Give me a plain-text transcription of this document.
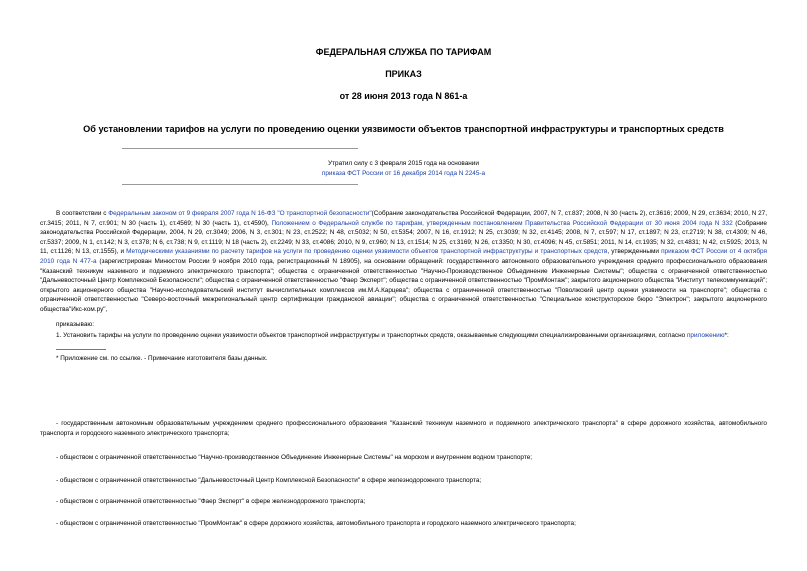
ФЕДЕРАЛЬНАЯ СЛУЖБА ПО ТАРИФАМ
ПРИКАЗ
от 28 июня 2013 года N 861-а
Об установлении тарифов на услуги по проведению оценки уязвимости объектов транспортной инфраструктуры и транспортных средств
Утратил силу с 3 февраля 2015 года на основании
приказа ФСТ России от 16 декабря 2014 года N 2245-а
В соответствии с Федеральным законом от 9 февраля 2007 года N 16-ФЗ "О транспортной безопасности"(Собрание законодательства Российской Федерации, 2007, N 7, ст.837; 2008, N 30 (часть 2), ст.3616; 2009, N 29, ст.3634; 2010, N 27, ст.3415; 2011, N 7, ст.901; N 30 (часть 1), ст.4569; N 30 (часть 1), ст.4590), Положением о Федеральной службе по тарифам, утвержденным постановлением Правительства Российской Федерации от 30 июня 2004 года N 332 (Собрание законодательства Российской Федерации, 2004, N 29, ст.3049; 2006, N 3, ст.301; N 23, ст.2522; N 48, ст.5032; N 50, ст.5354; 2007, N 16, ст.1912; N 25, ст.3039; N 32, ст.4145; 2008, N 7, ст.597; N 17, ст.1897; N 23, ст.2719; N 38, ст.4309; N 46, ст.5337; 2009, N 1, ст.142; N 3, ст.378; N 6, ст.738; N 9, ст.1119; N 18 (часть 2), ст.2249; N 33, ст.4086; 2010, N 9, ст.960; N 13, ст.1514; N 25, ст.3169; N 26, ст.3350; N 30, ст.4096; N 45, ст.5851; 2011, N 14, ст.1935; N 32, ст.4831; N 42, ст.5925; 2013, N 11, ст.1126; N 13, ст.1555), и Методическими указаниями по расчету тарифов на услуги по проведению оценки уязвимости объектов транспортной инфраструктуры и транспортных средств, утвержденными приказом ФСТ России от 4 октября 2010 года N 477-а (зарегистрирован Минюстом России 9 ноября 2010 года, регистрационный N 18905), на основании обращений: государственного автономного образовательного учреждения среднего профессионального образования "Казанский техникум наземного и подземного электрического транспорта"; общества с ограниченной ответственностью "Научно-Производственное Объединение Инженерные Системы"; общества с ограниченной ответственностью "Дальневосточный Центр Комплексной Безопасности"; общества с ограниченной ответственностью "Фаер Эксперт"; общества с ограниченной ответственностью "ПромМонтаж"; закрытого акционерного общества "Институт телекоммуникаций"; открытого акционерного общества "Научно-исследовательский институт вычислительных комплексов им.М.А.Карцева"; общества с ограниченной ответственностью "Поволжский центр оценки уязвимости на транспорте"; общества с ограниченной ответственностью "Северо-восточный межрегиональный центр сертификации гражданской авиации"; общества с ограниченной ответственностью "Специальное конструкторское бюро "Электрон"; закрытого акционерного общества"Икс-ком.ру",
приказываю:
1. Установить тарифы на услуги по проведению оценки уязвимости объектов транспортной инфраструктуры и транспортных средств, оказываемые следующими специализированными организациями, согласно приложению*:
* Приложение см. по ссылке. - Примечание изготовителя базы данных.
- государственным автономным образовательным учреждением среднего профессионального образования "Казанский техникум наземного и подземного электрического транспорта" в сфере дорожного хозяйства, автомобильного транспорта и городского наземного электрического транспорта;
- обществом с ограниченной ответственностью "Научно-производственное Объединение Инженерные Системы" на морском и внутреннем водном транспорте;
- обществом с ограниченной ответственностью "Дальневосточный Центр Комплексной Безопасности" в сфере железнодорожного транспорта;
- обществом с ограниченной ответственностью "Фаер Эксперт" в сфере железнодорожного транспорта;
- обществом с ограниченной ответственностью "ПромМонтаж" в сфере дорожного хозяйства, автомобильного транспорта и городского наземного электрического транспорта;
